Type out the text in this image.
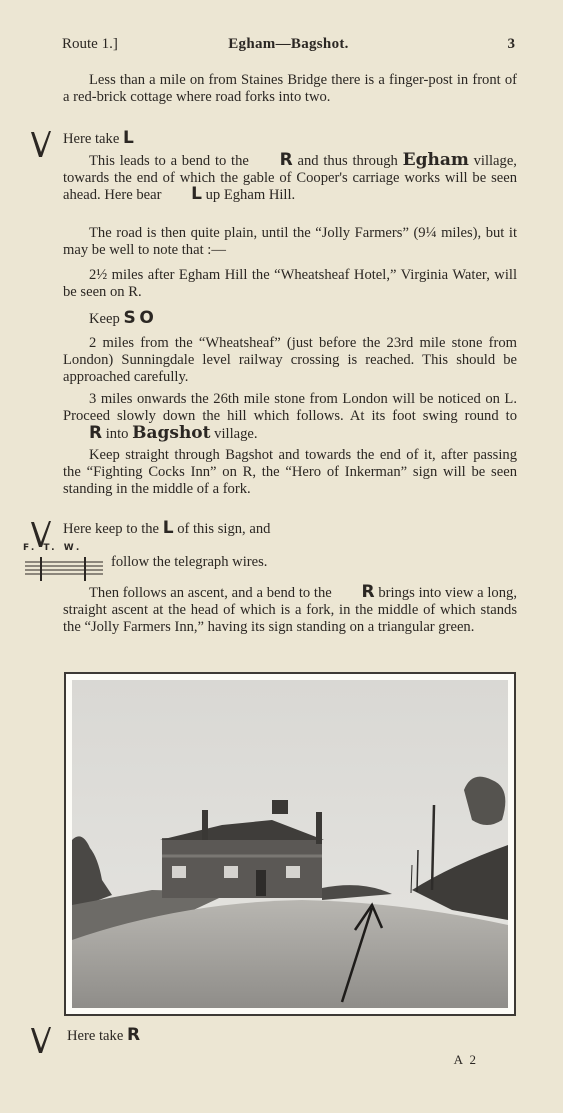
Route 1.]	Egham—Bagshot.	3
F. T. W.

Less than a mile on from Staines Bridge there is a finger-post in front of a red-brick cottage where road forks into two.

Here take L

This leads to a bend to the R and thus through Egham village, towards the end of which the gable of Cooper's carriage works will be seen ahead. Here bear L up Egham Hill.

The road is then quite plain, until the “Jolly Farmers” (9¼ miles), but it may be well to note that :—

2½ miles after Egham Hill the “Wheatsheaf Hotel,” Virginia Water, will be seen on R.

Keep S O

2 miles from the “Wheatsheaf” (just before the 23rd mile stone from London) Sunningdale level railway crossing is reached. This should be approached carefully.

3 miles onwards the 26th mile stone from London will be noticed on L. Proceed slowly down the hill which follows. At its foot swing round to R into Bagshot village.

Keep straight through Bagshot and towards the end of it, after passing the “Fighting Cocks Inn” on R, the “Hero of Inkerman” sign will be seen standing in the middle of a fork.

Here keep to the L of this sign, and
follow the telegraph wires.

Then follows an ascent, and a bend to the R brings into view a long, straight ascent at the head of which is a fork, in the middle of which stands the “Jolly Farmers Inn,” having its sign standing on a triangular green.

Here take R
A 2
